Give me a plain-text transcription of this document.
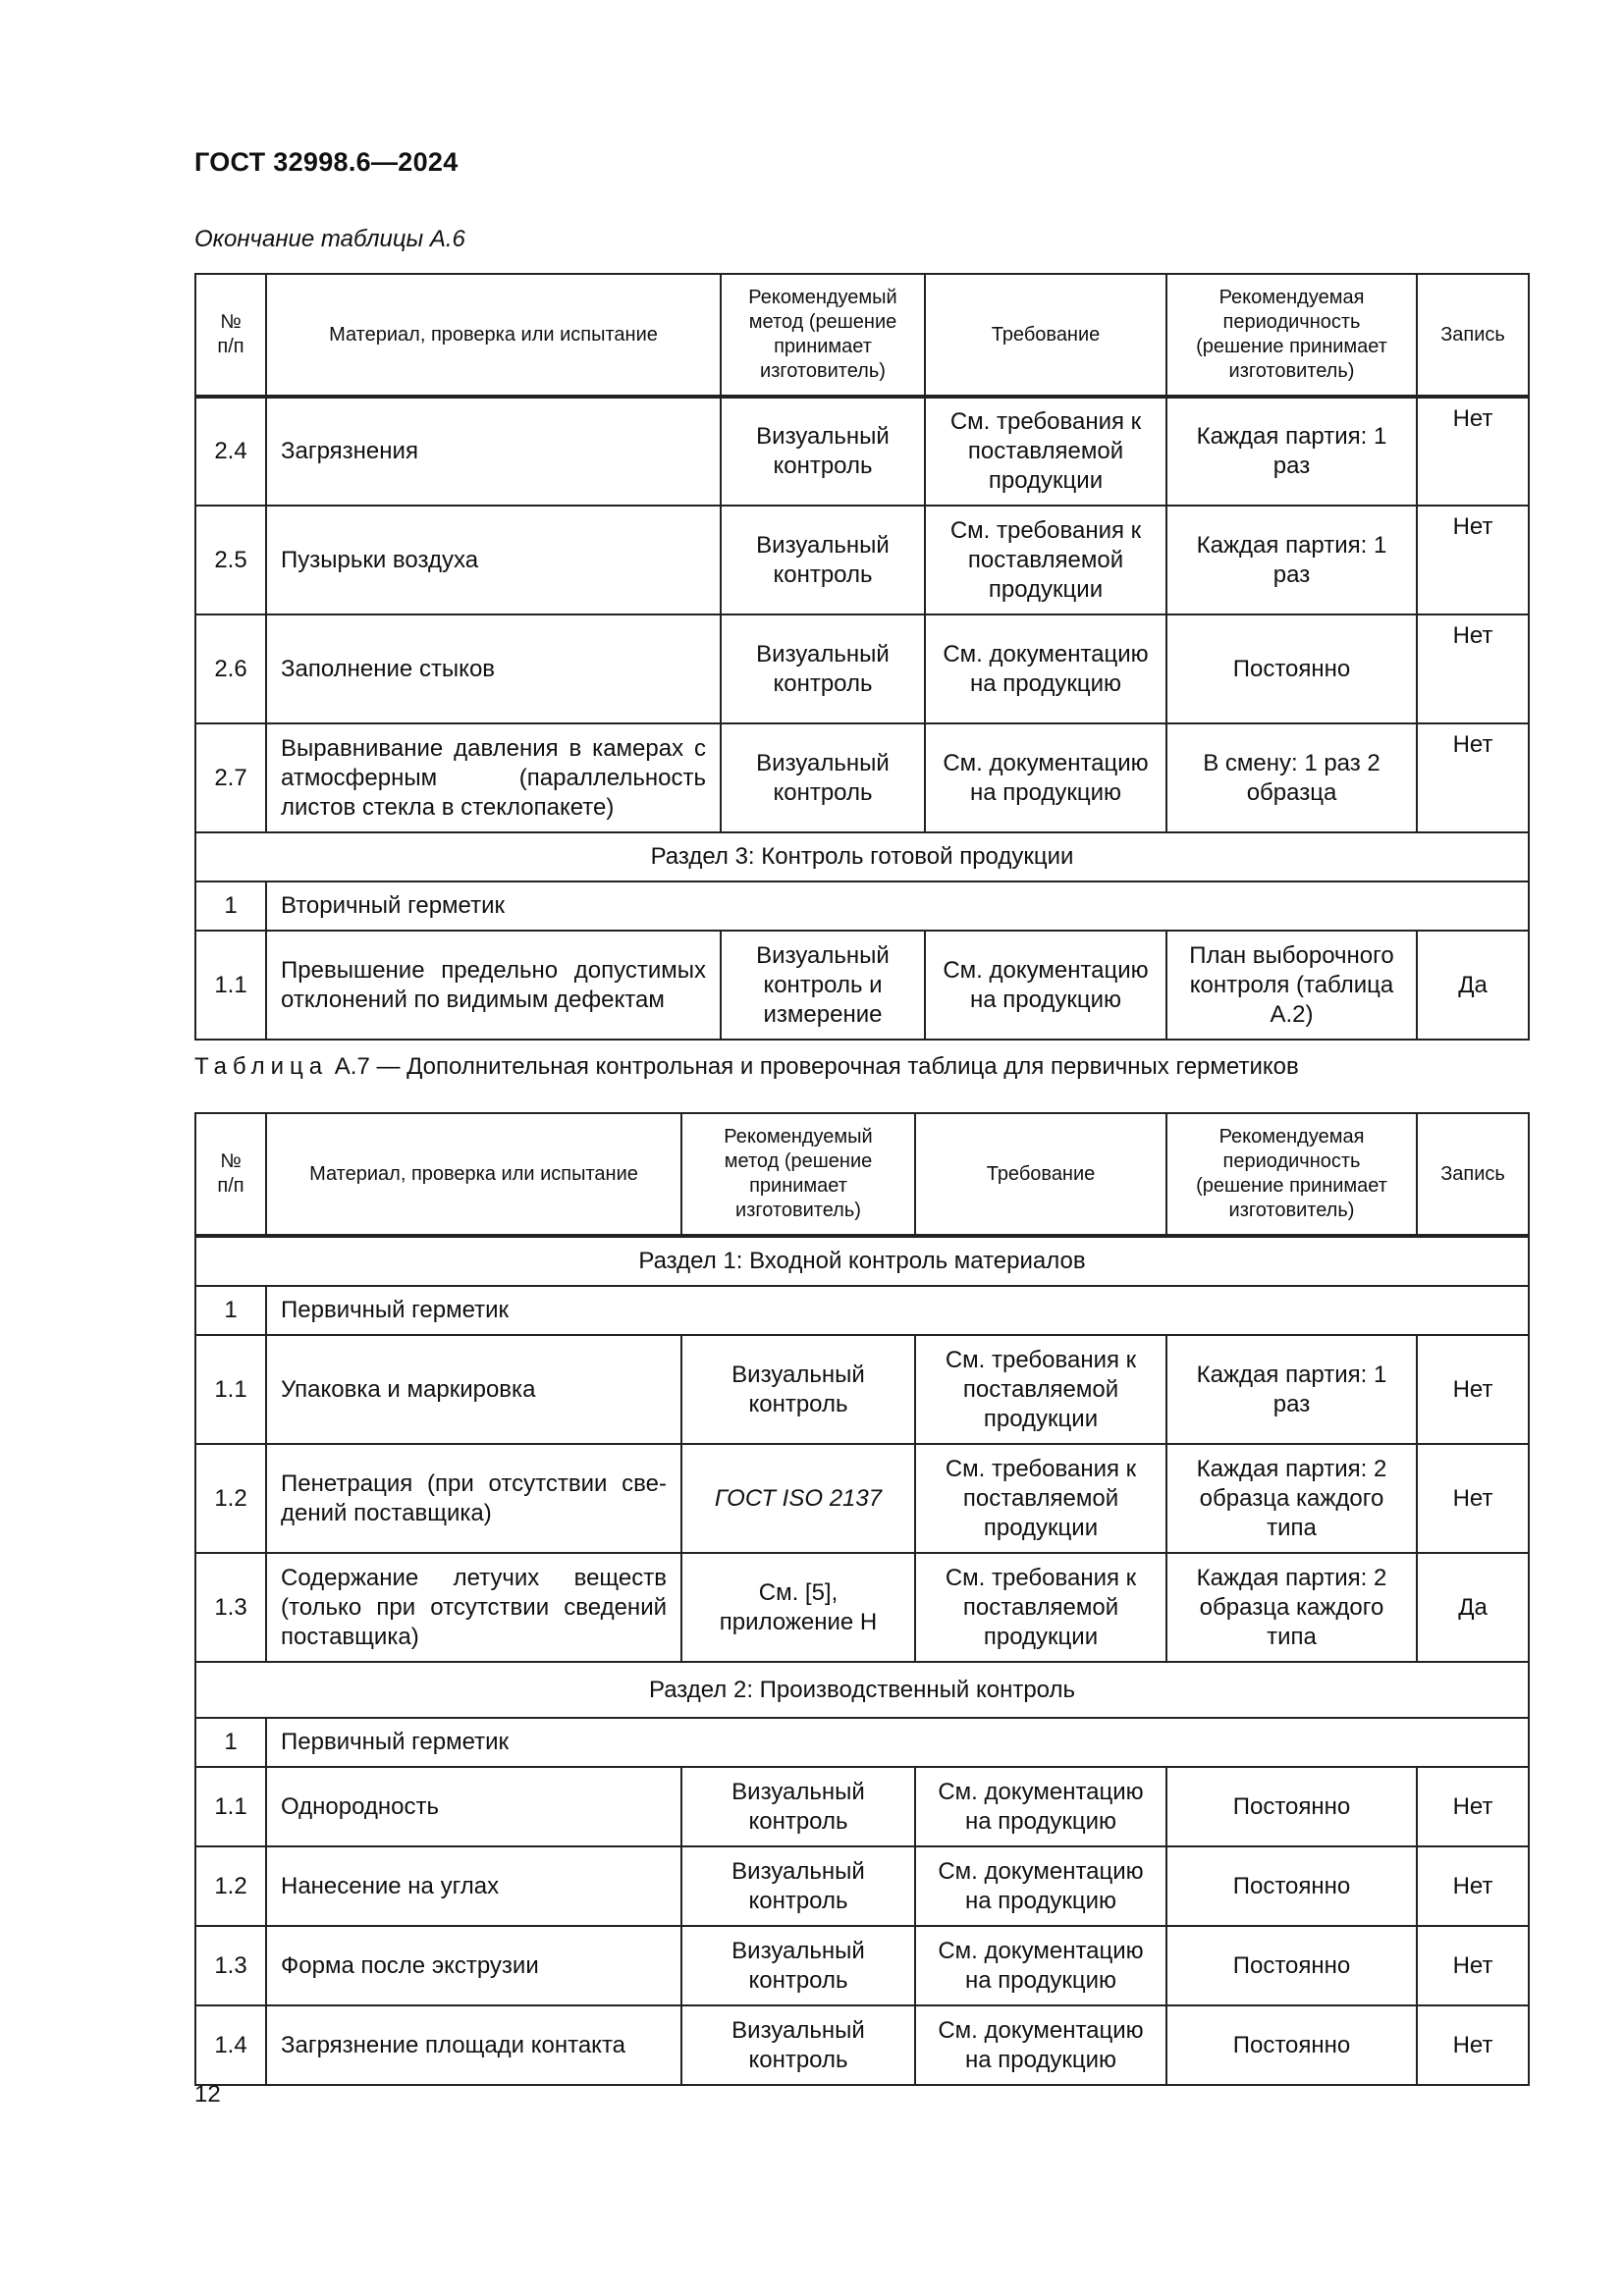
ГОСТ 32998.6—2024
Окончание таблицы А.6
№ п/п	Материал, проверка или испытание	Рекомендуемый метод (решение принимает изготовитель)	Требование	Рекомендуемая периодичность (решение принимает изготовитель)	Запись
2.4	Загрязнения	Визуальный контроль	См. требования к поставляемой продукции	Каждая партия: 1 раз	Нет
2.5	Пузырьки воздуха	Визуальный контроль	См. требования к поставляемой продукции	Каждая партия: 1 раз	Нет
2.6	Заполнение стыков	Визуальный контроль	См. документацию на продукцию	Постоянно	Нет
2.7	Выравнивание давления в камерах с атмосферным (параллельность листов стекла в стеклопакете)	Визуальный контроль	См. документацию на продукцию	В смену: 1 раз 2 образца	Нет
Раздел 3: Контроль готовой продукции					
1	Вторичный герметик				
1.1	Превышение предельно допустимых отклонений по видимым дефектам	Визуальный контроль и измерение	См. документацию на продукцию	План выборочного контроля (таблица А.2)	Да
Таблица А.7 — Дополнительная контрольная и проверочная таблица для первичных герметиков
№ п/п	Материал, проверка или испытание	Рекомендуемый метод (решение принимает изготовитель)	Требование	Рекомендуемая периодичность (решение принимает изготовитель)	Запись
Раздел 1: Входной контроль материалов					
1	Первичный герметик				
1.1	Упаковка и маркировка	Визуальный контроль	См. требования к поставляемой продукции	Каждая партия: 1 раз	Нет
1.2	Пенетрация (при отсутствии сведений поставщика)	ГОСТ ISO 2137	См. требования к поставляемой продукции	Каждая партия: 2 образца каждого типа	Нет
1.3	Содержание летучих веществ (только при отсутствии сведений поставщика)	См. [5], приложение Н	См. требования к поставляемой продукции	Каждая партия: 2 образца каждого типа	Да
Раздел 2: Производственный контроль					
1	Первичный герметик				
1.1	Однородность	Визуальный контроль	См. документацию на продукцию	Постоянно	Нет
1.2	Нанесение на углах	Визуальный контроль	См. документацию на продукцию	Постоянно	Нет
1.3	Форма после экструзии	Визуальный контроль	См. документацию на продукцию	Постоянно	Нет
1.4	Загрязнение площади контакта	Визуальный контроль	См. документацию на продукцию	Постоянно	Нет
12
